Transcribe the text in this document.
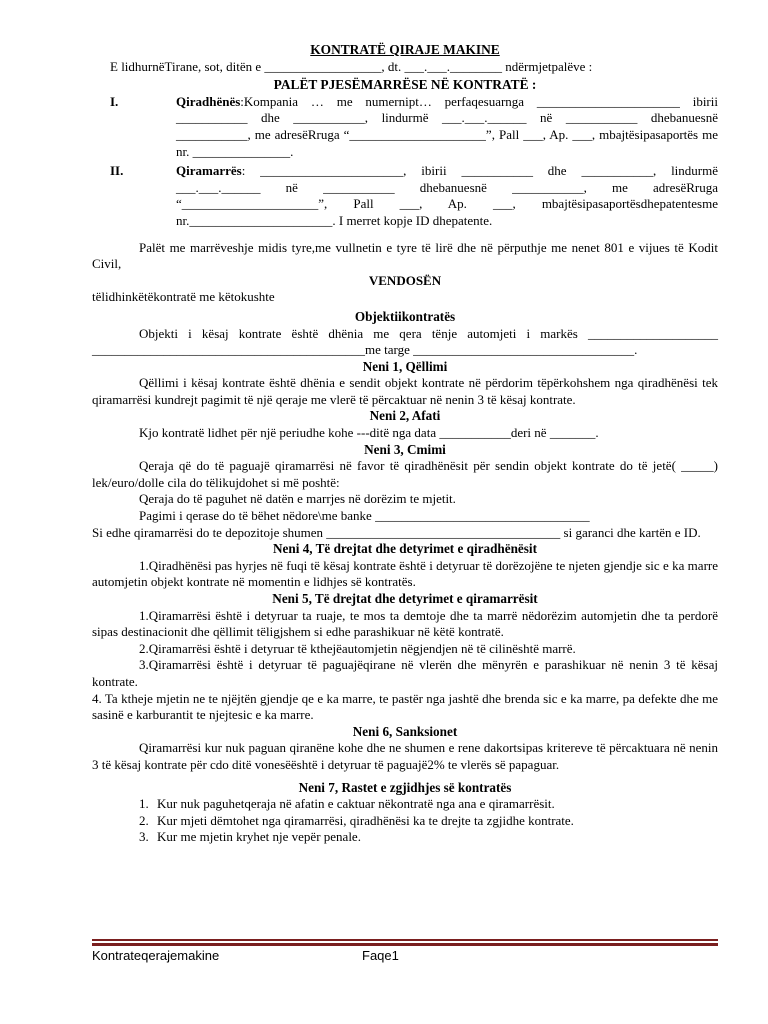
KONTRATË QIRAJE MAKINE

E lidhurnëTirane, sot, ditën e __________________, dt. ___.___.________ ndërmjetpalëve :

PALËT PJESËMARRËSE NË KONTRATË :

I.	Qiradhënës:Kompania … me numernipt… perfaqesuarnga ______________________ ibirii ___________ dhe ___________, lindurmë ___.___.______ në ___________ dhebanuesnë ___________, me adresëRruga “_____________________”, Pall ___, Ap. ___, mbajtësipasaportës me nr. _______________.
II.	Qiramarrës: ______________________, ibirii ___________ dhe ___________, lindurmë ___.___.______ në ___________ dhebanuesnë ___________, me adresëRruga “_____________________”, Pall ___, Ap. ___, mbajtësipasaportësdhepatentesme nr.______________________. I merret kopje ID dhepatente.

Palët me marrëveshje midis tyre,me vullnetin e tyre të lirë dhe në përputhje me nenet 801 e vijues të Kodit Civil,

VENDOSËN

tëlidhinkëtëkontratë me këtokushte

Objektiikontratës

Objekti i kësaj kontrate është dhënia me qera tënje automjeti i markës ____________________ __________________________________________me targe __________________________________.

Neni 1, Qëllimi

Qëllimi i kësaj kontrate është dhënia e sendit objekt kontrate në përdorim tëpërkohshem nga qiradhënësi tek qiramarrësi kundrejt pagimit të një qeraje me vlerë të përcaktuar në nenin 3 të kësaj kontrate.

Neni 2, Afati

Kjo kontratë lidhet për një periudhe kohe ---ditë nga data ___________deri në _______.

Neni 3, Cmimi

Qeraja që do të paguajë qiramarrësi në favor të qiradhënësit për sendin objekt kontrate do të jetë( _____) lek/euro/dolle cila do tëlikujdohet si më poshtë:

Qeraja do të paguhet në datën e marrjes në dorëzim te mjetit.

Pagimi i qerase do të bëhet nëdore\me banke _________________________________

Si edhe qiramarrësi do te depozitoje shumen ____________________________________ si garanci dhe kartën e ID.

Neni 4, Të drejtat dhe detyrimet e qiradhënësit

1.Qiradhënësi pas hyrjes në fuqi të kësaj kontrate është i detyruar të dorëzojëne te njeten gjendje sic e ka marre automjetin objekt kontrate në momentin e lidhjes së kontratës.

Neni 5, Të drejtat dhe detyrimet e qiramarrësit

1.Qiramarrësi është i detyruar ta ruaje, te mos ta demtoje dhe ta marrë nëdorëzim automjetin dhe ta perdorë sipas destinacionit dhe qëllimit tëligjshem si edhe parashikuar në këtë kontratë.

2.Qiramarrësi është i detyruar të kthejëautomjetin nëgjendjen në të cilinështë marrë.

3.Qiramarrësi është i detyruar të paguajëqirane në vlerën dhe mënyrën e parashikuar në nenin 3 të kësaj kontrate.

4. Ta ktheje mjetin ne te njëjtën gjendje qe e ka marre, te pastër nga jashtë dhe brenda sic e ka marre, pa defekte dhe me sasinë e karburantit te njejtesic e ka marre.

Neni 6, Sanksionet

Qiramarrësi kur nuk paguan qiranëne kohe dhe ne shumen e rene dakortsipas kritereve të përcaktuara në nenin 3 të kësaj kontrate për cdo ditë vonesëështë i detyruar të paguajë2% te vlerës së papaguar.

Neni 7, Rastet e zgjidhjes së kontratës

1. Kur nuk paguhetqeraja në afatin e caktuar nëkontratë nga ana e qiramarrësit.
2. Kur mjeti dëmtohet nga qiramarrësi, qiradhënësi ka te drejte ta zgjidhe kontrate.
3. Kur me mjetin kryhet nje vepër penale.
Kontrateqerajemakine	Faqe1
